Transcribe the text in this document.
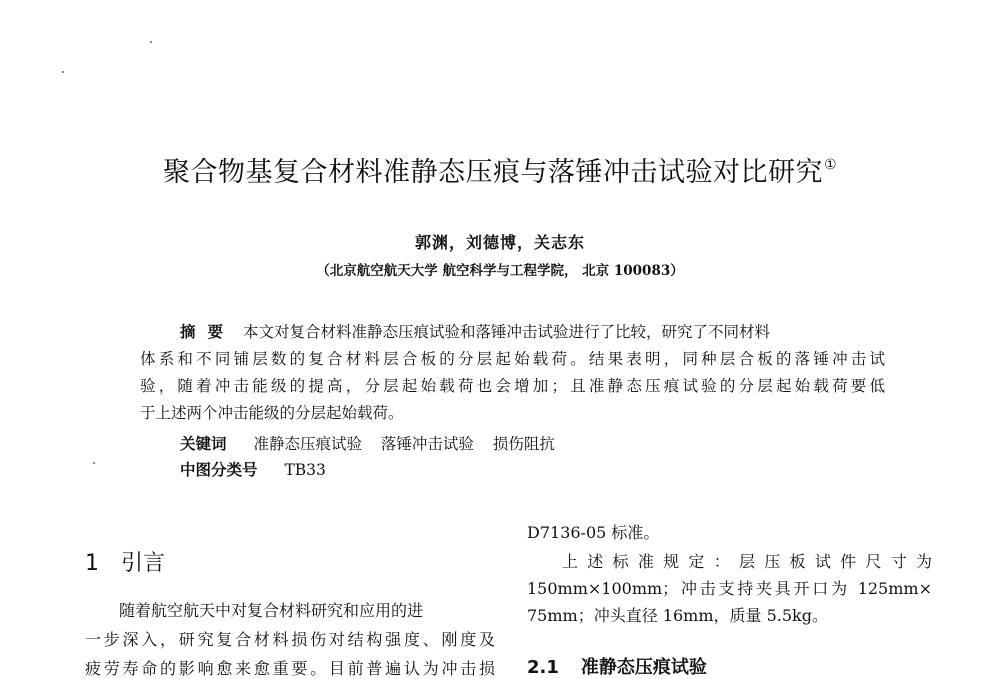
聚合物基复合材料准静态压痕与落锤冲击试验对比研究①
郭渊，刘德博，关志东
（北京航空航天大学 航空科学与工程学院， 北京 100083）
摘要 本文对复合材料准静态压痕试验和落锤冲击试验进行了比较，研究了不同材料
体系和不同铺层数的复合材料层合板的分层起始载荷。结果表明，同种层合板的落锤冲击试
验，随着冲击能级的提高，分层起始载荷也会增加；且准静态压痕试验的分层起始载荷要低
于上述两个冲击能级的分层起始载荷。
关键词 准静态压痕试验 落锤冲击试验 损伤阻抗
中图分类号 TB33
1 引言
随着航空航天中对复合材料研究和应用的进
一步深入，研究复合材料损伤对结构强度、刚度及
疲劳寿命的影响愈来愈重要。目前普遍认为冲击损
D7136-05 标准。
上述标准规定：层压板试件尺寸为
150mm×100mm；冲击支持夹具开口为 125mm×
75mm；冲头直径 16mm，质量 5.5kg。
2.1 准静态压痕试验
